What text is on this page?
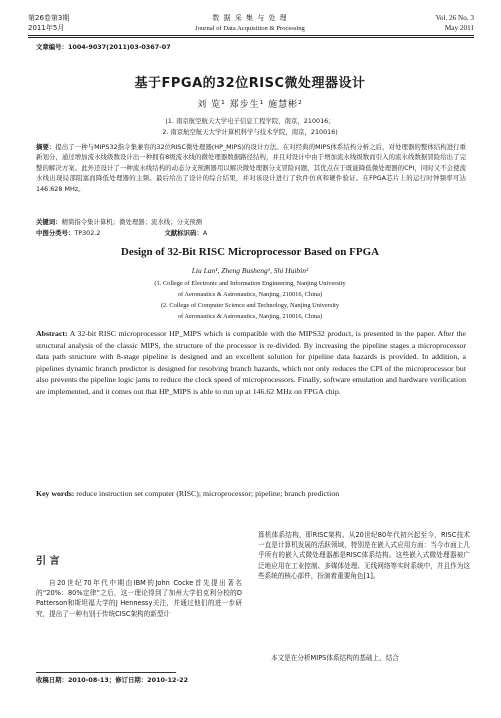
第26卷第3期
2011年5月
数 据 采 集 与 处 理
Journal of Data Acquisition & Processing
Vol. 26 No. 3
May 2011
文章编号：1004-9037(2011)03-0367-07
基于FPGA的32位RISC微处理器设计
刘 览¹ 郑步生¹ 施慧彬²
(1. 南京航空航天大学电子信息工程学院，南京，210016；
2. 南京航空航天大学计算机科学与技术学院，南京，210016)
摘要：提出了一种与MIPS32指令集兼容的32位RISC微处理器(HP_MIPS)的设计方法。在对经典的MIPS体系结构分析之后，对处理器的整体结构进行重新划分，通过增加流水线级数设计出一种拥有8级流水线的微处理器数据路径结构，并且对设计中由于增加流水线级数而引入的流水线数据冒险给出了完整的解决方案。此外还设计了一种流水线结构的动态分支预测器用以解决微处理器分支冒险问题，其优点在于既能降低微处理器的CPI，同时又不会使流水线出现局部阻塞而降低处理器的主频。最后给出了设计的综合结果，并对该设计进行了软件仿真和硬件验证。在FPGA芯片上的运行时钟频率可达146.628 MHz。
关键词：精简指令集计算机；微处理器；流水线；分支预测
中图分类号：TP302.2	文献标识码：A
Design of 32-Bit RISC Microprocessor Based on FPGA
Liu Lan¹, Zheng Busheng¹, Shi Huibin²
(1. College of Electronic and Information Engineering, Nanjing University
of Aeronautics & Astronautics, Nanjing, 210016, China)
(2. College of Computer Science and Technology, Nanjing University
of Aeronautics & Astronautics, Nanjing, 210016, China)
Abstract: A 32-bit RISC microprocessor HP_MIPS which is compatible with the MIPS32 product, is presented in the paper. After the structural analysis of the classic MIPS, the structure of the processor is re-divided. By increasing the pipeline stages a microprocessor data path structure with 8-stage pipeline is designed and an excellent solution for pipeline data hazards is provided. In addition, a pipelines dynamic branch predictor is designed for resolving branch hazards, which not only reduces the CPI of the microprocessor but also prevents the pipeline logic jams to reduce the clock speed of microprocessors. Finally, software emulation and hardware verification are implemented, and it comes out that HP_MIPS is able to run up at 146.62 MHz on FPGA chip.
Key words: reduce instruction set computer (RISC); microprocessor; pipeline; branch prediction
引 言
自20世纪70年代中期由IBM的John Cocke首先提出著名的“20%：80%定律”之后，这一理论得到了加州大学伯克利分校的D Patterson和斯坦福大学的J Hennessy关注，并通过他们的进一步研究，提出了一种有别于传统CISC架构的新型计
算机体系结构，即RISC架构。从20世纪80年代初兴起至今，RISC技术一直是计算机发展的活跃领域，特别是在嵌入式应用方面：当今市面上几乎所有的嵌入式微处理器都是RISC体系结构。这些嵌入式微处理器被广泛地应用在工业控制、多媒体处理、无线网络等实时系统中，并且作为这些系统的核心部件，扮演着重要角色[1]。
本文是在分析MIPS体系结构的基础上，结合
收稿日期：2010-08-13；修订日期：2010-12-22
